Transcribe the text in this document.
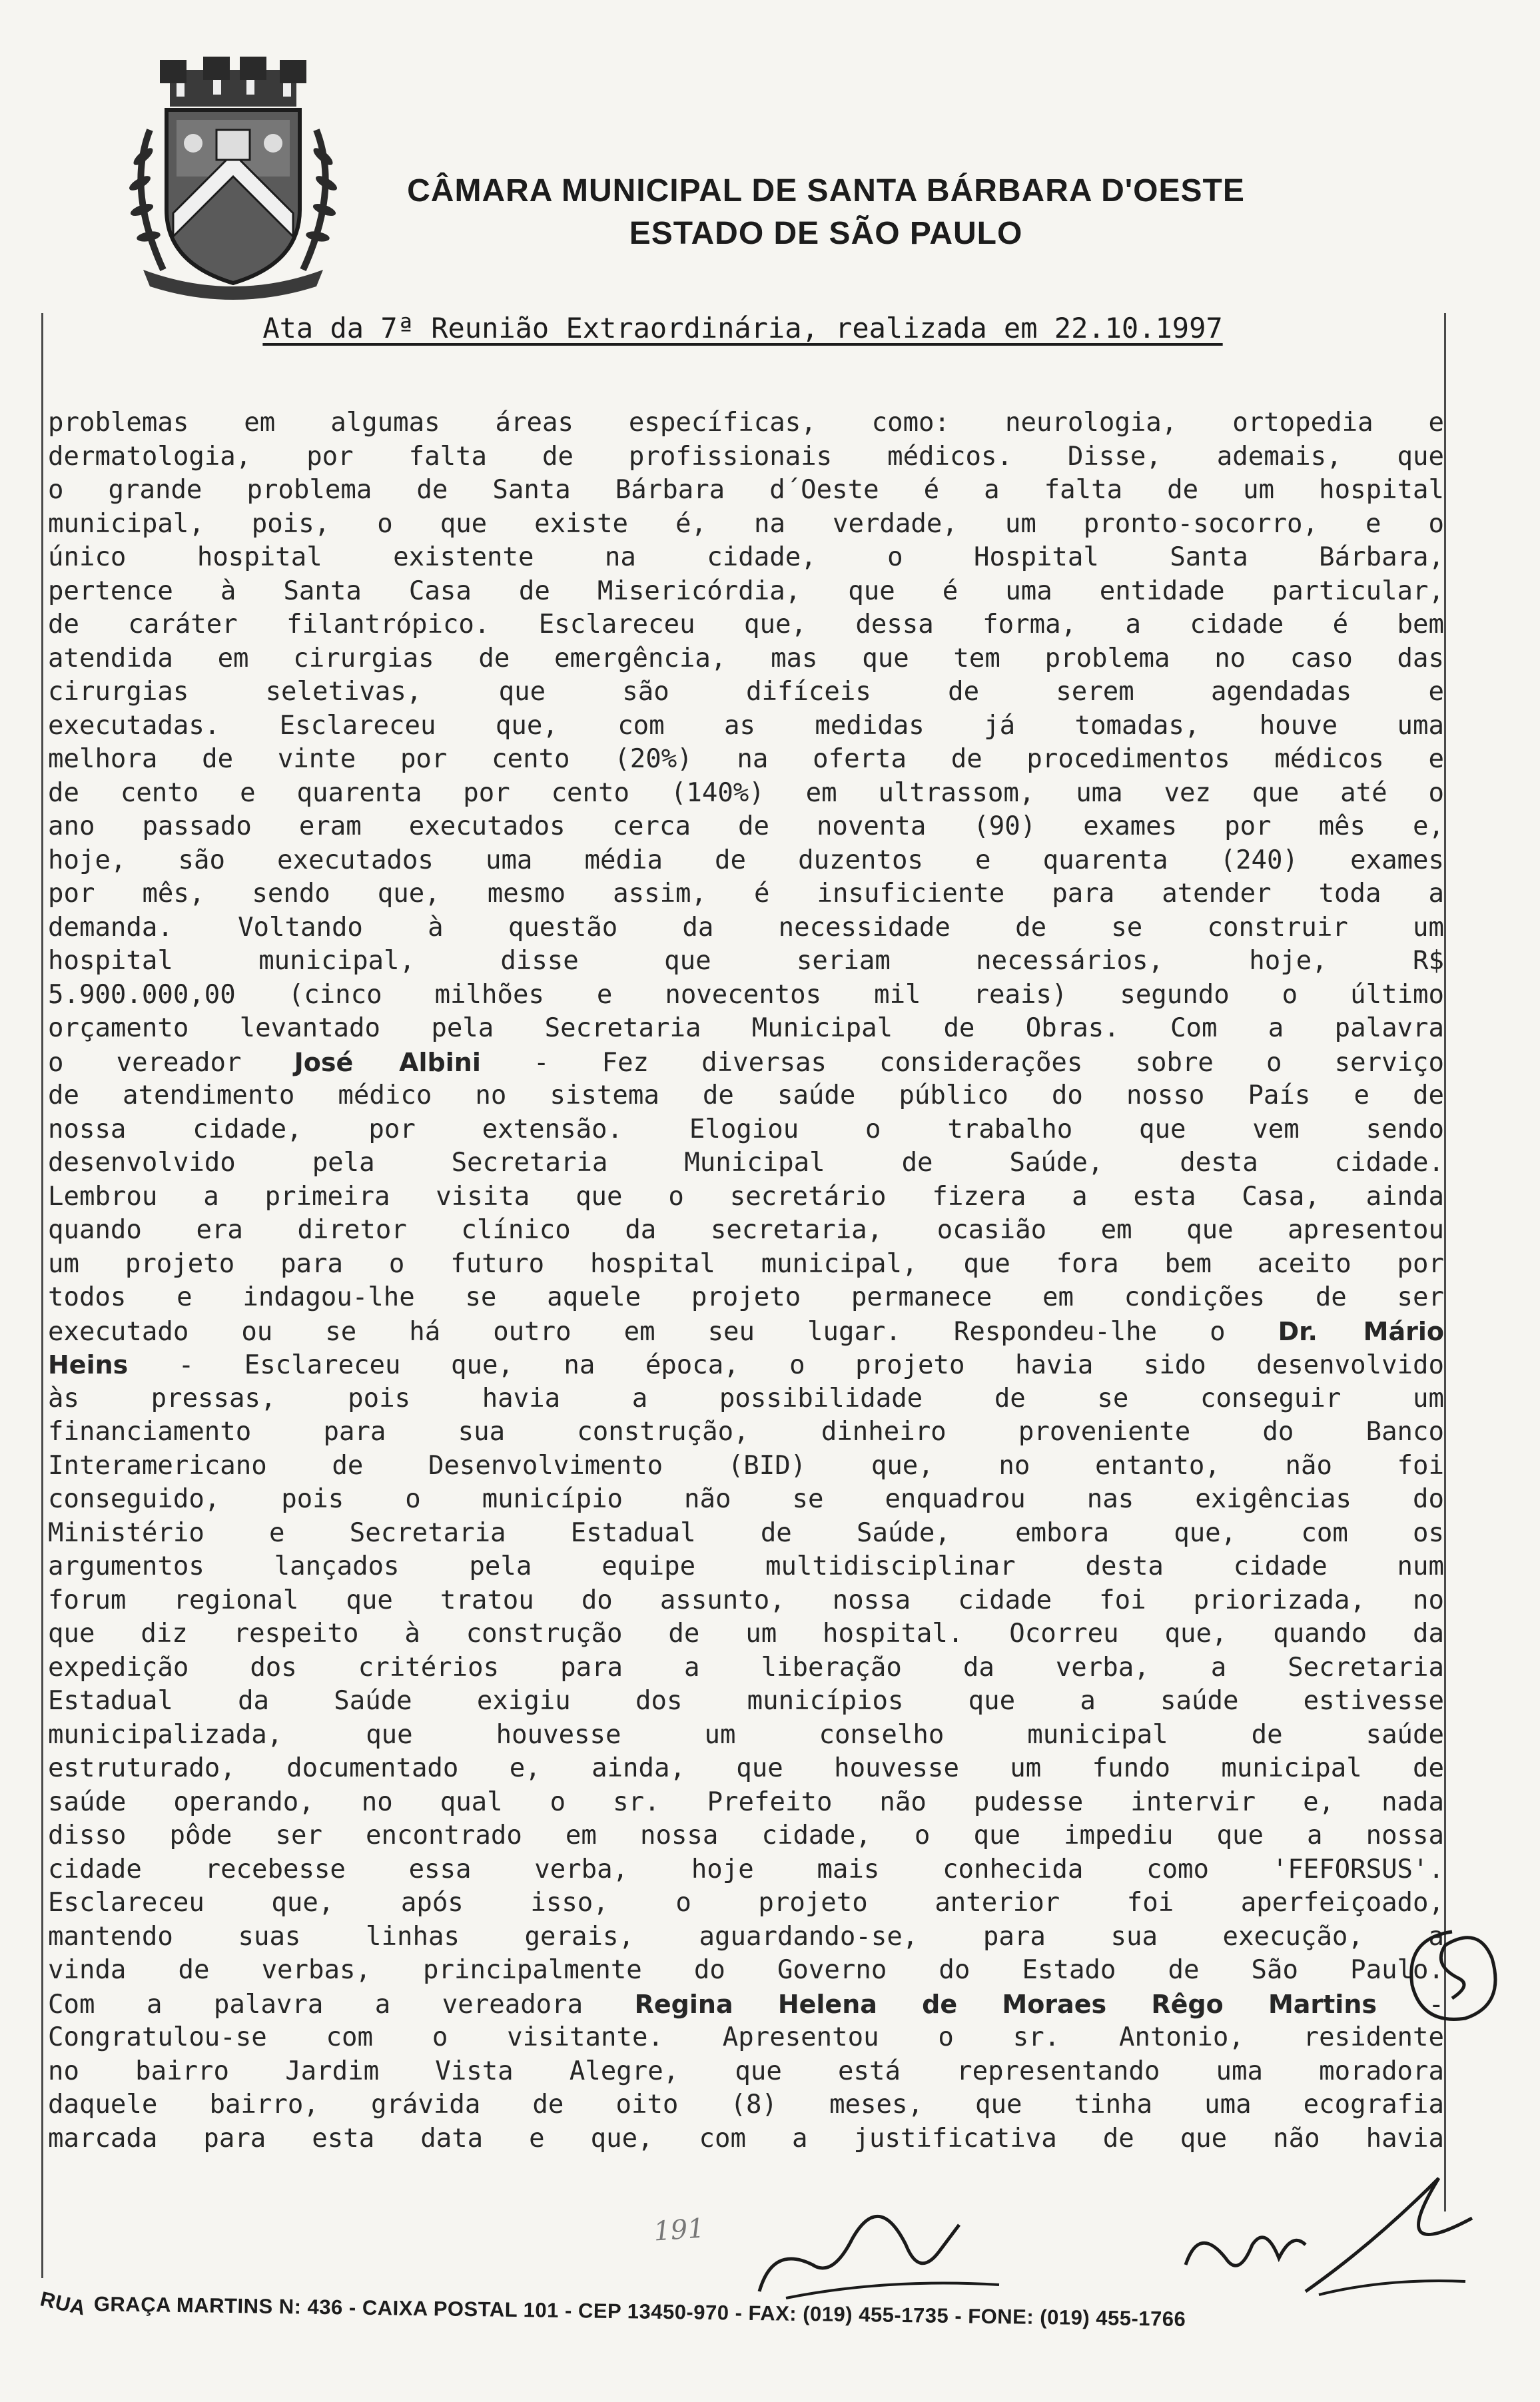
CÂMARA MUNICIPAL DE SANTA BÁRBARA D'OESTE
ESTADO DE SÃO PAULO
Ata da 7ª Reunião Extraordinária, realizada em 22.10.1997
problemas em algumas áreas específicas, como: neurologia, ortopedia e
dermatologia, por falta de profissionais médicos. Disse, ademais, que
o grande problema de Santa Bárbara d´Oeste é a falta de um hospital
municipal, pois, o que existe é, na verdade, um pronto-socorro, e o
único hospital existente na cidade, o Hospital Santa Bárbara,
pertence à Santa Casa de Misericórdia, que é uma entidade particular,
de caráter filantrópico. Esclareceu que, dessa forma, a cidade é bem
atendida em cirurgias de emergência, mas que tem problema no caso das
cirurgias seletivas, que são difíceis de serem agendadas e
executadas. Esclareceu que, com as medidas já tomadas, houve uma
melhora de vinte por cento (20%) na oferta de procedimentos médicos e
de cento e quarenta por cento (140%) em ultrassom, uma vez que até o
ano passado eram executados cerca de noventa (90) exames por mês e,
hoje, são executados uma média de duzentos e quarenta (240) exames
por mês, sendo que, mesmo assim, é insuficiente para atender toda a
demanda. Voltando à questão da necessidade de se construir um
hospital municipal, disse que seriam necessários, hoje, R$
5.900.000,00 (cinco milhões e novecentos mil reais) segundo o último
orçamento levantado pela Secretaria Municipal de Obras. Com a palavra
o vereador José Albini - Fez diversas considerações sobre o serviço
de atendimento médico no sistema de saúde público do nosso País e de
nossa cidade, por extensão. Elogiou o trabalho que vem sendo
desenvolvido pela Secretaria Municipal de Saúde, desta cidade.
Lembrou a primeira visita que o secretário fizera a esta Casa, ainda
quando era diretor clínico da secretaria, ocasião em que apresentou
um projeto para o futuro hospital municipal, que fora bem aceito por
todos e indagou-lhe se aquele projeto permanece em condições de ser
executado ou se há outro em seu lugar. Respondeu-lhe o Dr. Mário
Heins - Esclareceu que, na época, o projeto havia sido desenvolvido
às pressas, pois havia a possibilidade de se conseguir um
financiamento para sua construção, dinheiro proveniente do Banco
Interamericano de Desenvolvimento (BID) que, no entanto, não foi
conseguido, pois o município não se enquadrou nas exigências do
Ministério e Secretaria Estadual de Saúde, embora que, com os
argumentos lançados pela equipe multidisciplinar desta cidade num
forum regional que tratou do assunto, nossa cidade foi priorizada, no
que diz respeito à construção de um hospital. Ocorreu que, quando da
expedição dos critérios para a liberação da verba, a Secretaria
Estadual da Saúde exigiu dos municípios que a saúde estivesse
municipalizada, que houvesse um conselho municipal de saúde
estruturado, documentado e, ainda, que houvesse um fundo municipal de
saúde operando, no qual o sr. Prefeito não pudesse intervir e, nada
disso pôde ser encontrado em nossa cidade, o que impediu que a nossa
cidade recebesse essa verba, hoje mais conhecida como 'FEFORSUS'.
Esclareceu que, após isso, o projeto anterior foi aperfeiçoado,
mantendo suas linhas gerais, aguardando-se, para sua execução, a
vinda de verbas, principalmente do Governo do Estado de São Paulo.
Com a palavra a vereadora Regina Helena de Moraes Rêgo Martins -
Congratulou-se com o visitante. Apresentou o sr. Antonio, residente
no bairro Jardim Vista Alegre, que está representando uma moradora
daquele bairro, grávida de oito (8) meses, que tinha uma ecografia
marcada para esta data e que, com a justificativa de que não havia
191
RUA GRAÇA MARTINS N: 436 - CAIXA POSTAL 101 - CEP 13450-970 - FAX: (019) 455-1735 - FONE: (019) 455-1766
